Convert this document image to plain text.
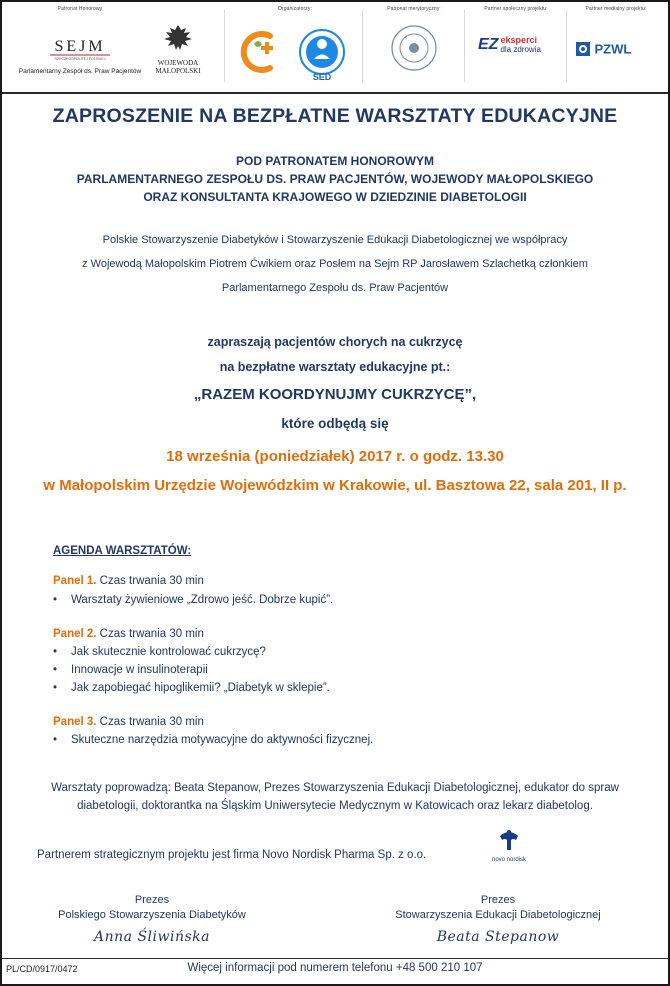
Patronat Honorowy
SEJM
RZECZPOSPOLITEJ POLSKIEJ
Parlamentarny Zespół ds. Praw Pacjentów
WOJEWODA
MAŁOPOLSKI
Organizatorzy:
SED
Patronat merytoryczny:	Partner społeczny projektu:
EZ eksperci
dla zdrowia
Partner medialny projektu:
PZWL
ZAPROSZENIE NA BEZPŁATNE WARSZTATY EDUKACYJNE
POD PATRONATEM HONOROWYM
PARLAMENTARNEGO ZESPOŁU DS. PRAW PACJENTÓW, WOJEWODY MAŁOPOLSKIEGO
ORAZ KONSULTANTA KRAJOWEGO W DZIEDZINIE DIABETOLOGII
Polskie Stowarzyszenie Diabetyków i Stowarzyszenie Edukacji Diabetologicznej we współpracy
z Wojewodą Małopolskim Piotrem Ćwikiem oraz Posłem na Sejm RP Jarosławem Szlachetką członkiem
Parlamentarnego Zespołu ds. Praw Pacjentów
zapraszają pacjentów chorych na cukrzycę
na bezpłatne warsztaty edukacyjne pt.:
„RAZEM KOORDYNUJMY CUKRZYCĘ”,
które odbędą się
18 września (poniedziałek) 2017 r. o godz. 13.30
w Małopolskim Urzędzie Wojewódzkim w Krakowie, ul. Basztowa 22, sala 201, II p.
AGENDA WARSZTATÓW:
Panel 1. Czas trwania 30 min
• Warsztaty żywieniowe „Zdrowo jeść. Dobrze kupić”.
Panel 2. Czas trwania 30 min
• Jak skutecznie kontrolować cukrzycę?
• Innowacje w insulinoterapii
• Jak zapobiegać hipoglikemii? „Diabetyk w sklepie”.
Panel 3. Czas trwania 30 min
• Skuteczne narzędzia motywacyjne do aktywności fizycznej.
Warsztaty poprowadzą: Beata Stepanow, Prezes Stowarzyszenia Edukacji Diabetologicznej, edukator do spraw
diabetologii, doktorantka na Śląskim Uniwersytecie Medycznym w Katowicach oraz lekarz diabetolog.
Partnerem strategicznym projektu jest firma Novo Nordisk Pharma Sp. z o.o.	novo nordisk
Prezes
Polskiego Stowarzyszenia Diabetyków
Anna Śliwińska
Prezes
Stowarzyszenia Edukacji Diabetologicznej
Beata Stepanow
PL/CD/0917/0472	Więcej informacji pod numerem telefonu +48 500 210 107
